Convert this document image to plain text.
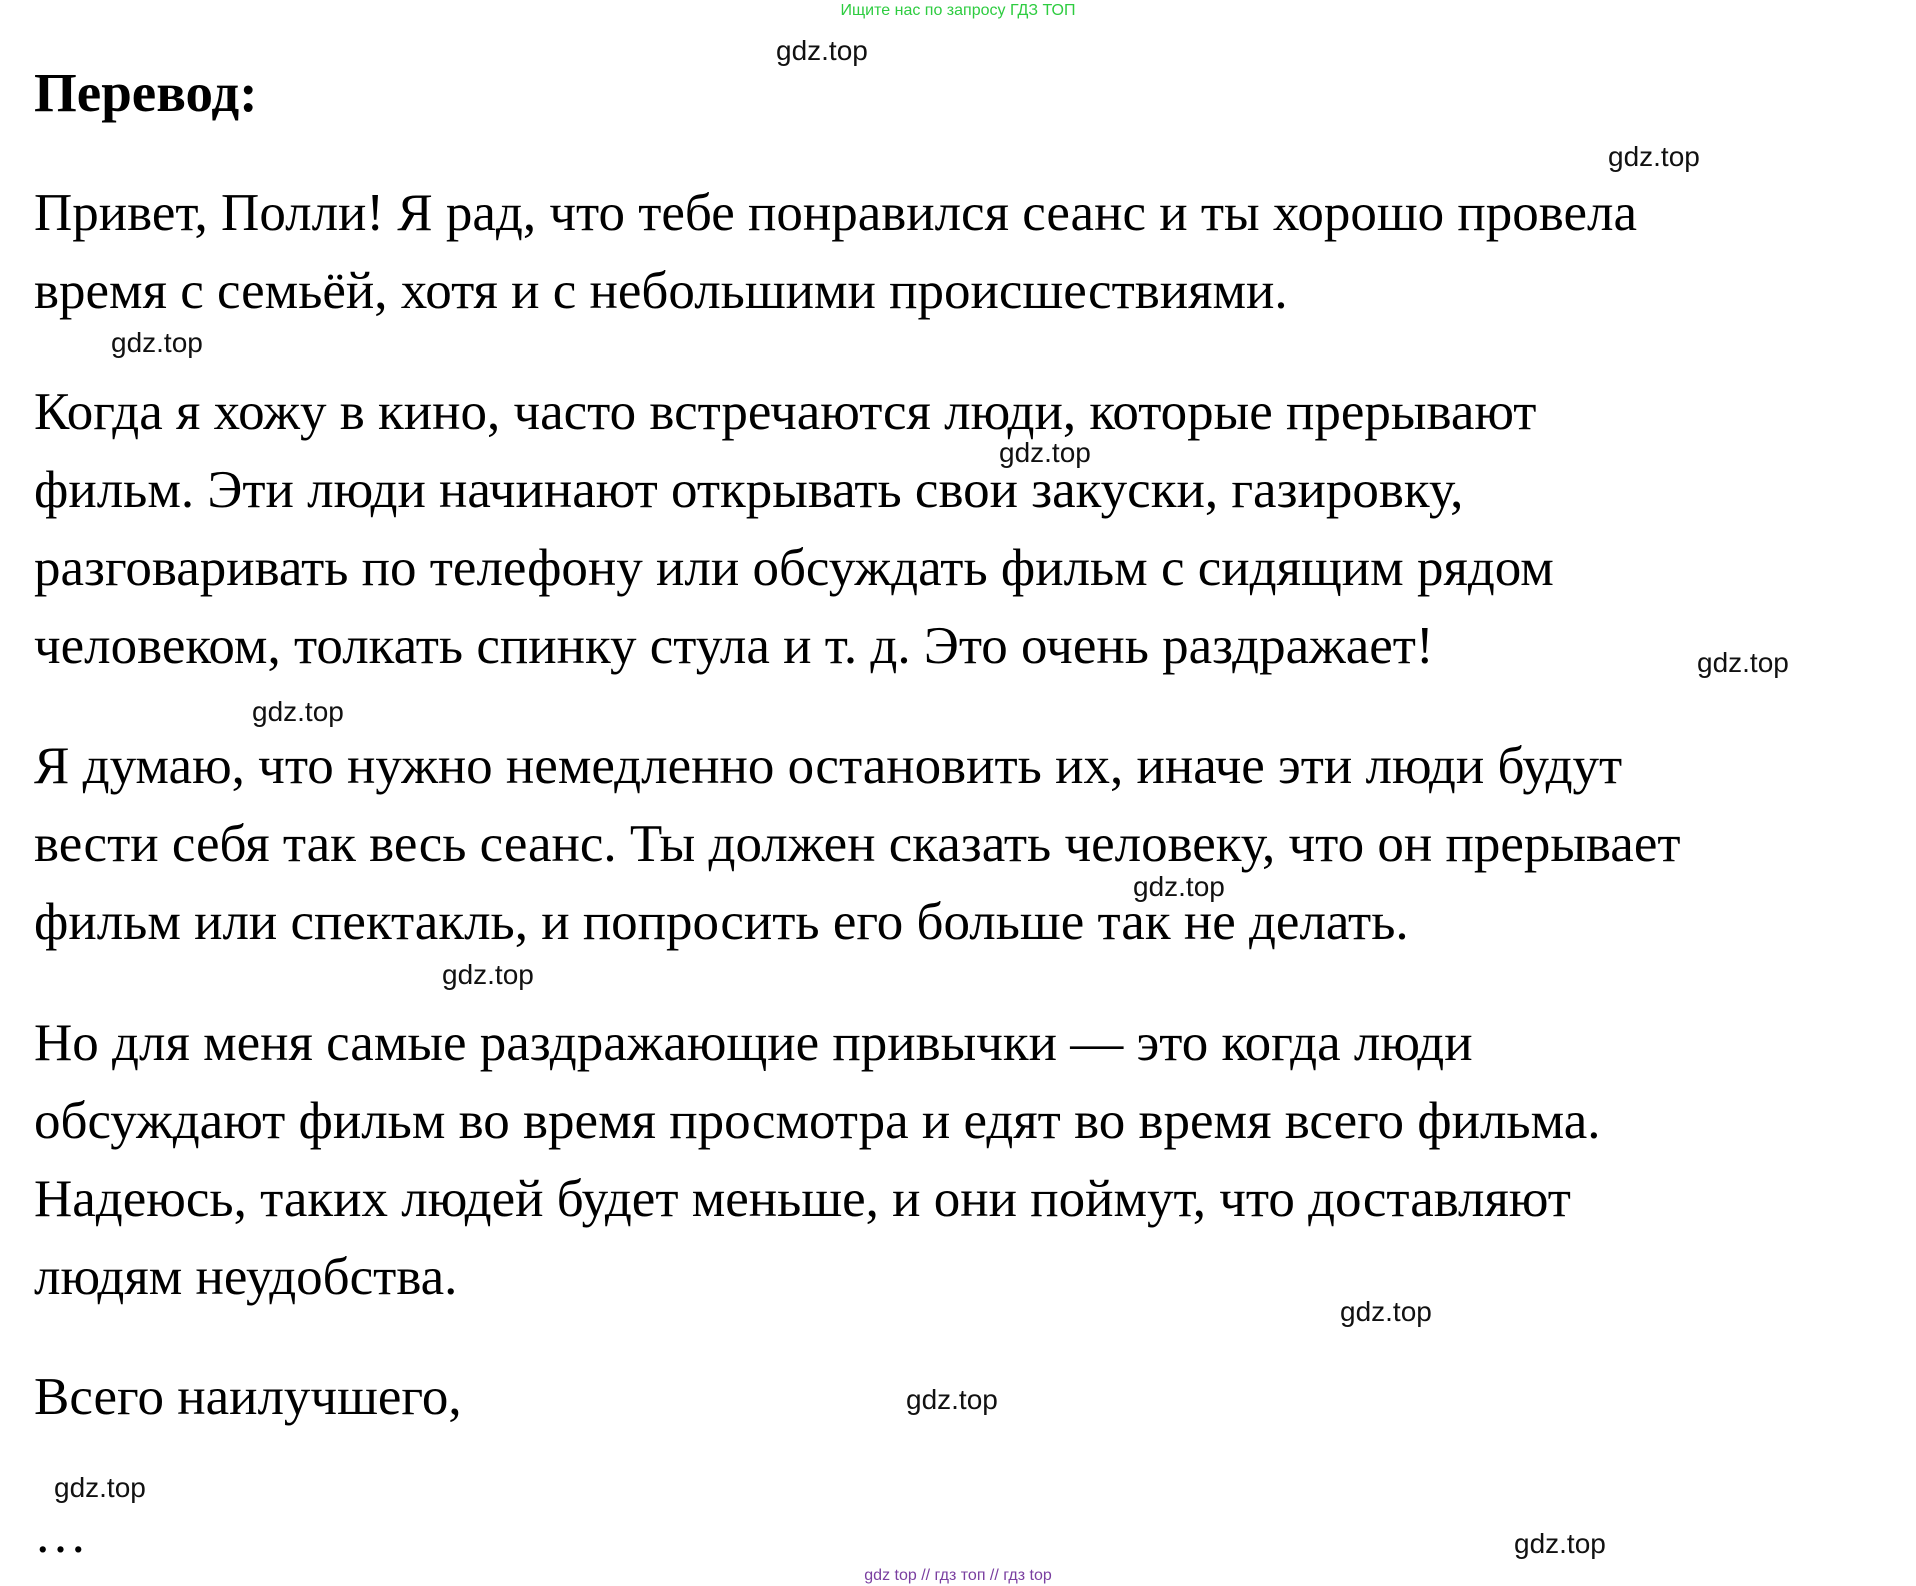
Ищите нас по запросу ГДЗ ТОП
Перевод:

Привет, Полли! Я рад, что тебе понравился сеанс и ты хорошо провела
время с семьёй, хотя и с небольшими происшествиями.

Когда я хожу в кино, часто встречаются люди, которые прерывают
фильм. Эти люди начинают открывать свои закуски, газировку,
разговаривать по телефону или обсуждать фильм с сидящим рядом
человеком, толкать спинку стула и т. д. Это очень раздражает!

Я думаю, что нужно немедленно остановить их, иначе эти люди будут
вести себя так весь сеанс. Ты должен сказать человеку, что он прерывает
фильм или спектакль, и попросить его больше так не делать.

Но для меня самые раздражающие привычки — это когда люди
обсуждают фильм во время просмотра и едят во время всего фильма.
Надеюсь, таких людей будет меньше, и они поймут, что доставляют
людям неудобства.

Всего наилучшего,

…

gdz.top
gdz.top
gdz.top
gdz.top
gdz.top
gdz.top
gdz.top
gdz.top
gdz.top
gdz.top
gdz.top
gdz.top
gdz top // гдз топ // гдз top
